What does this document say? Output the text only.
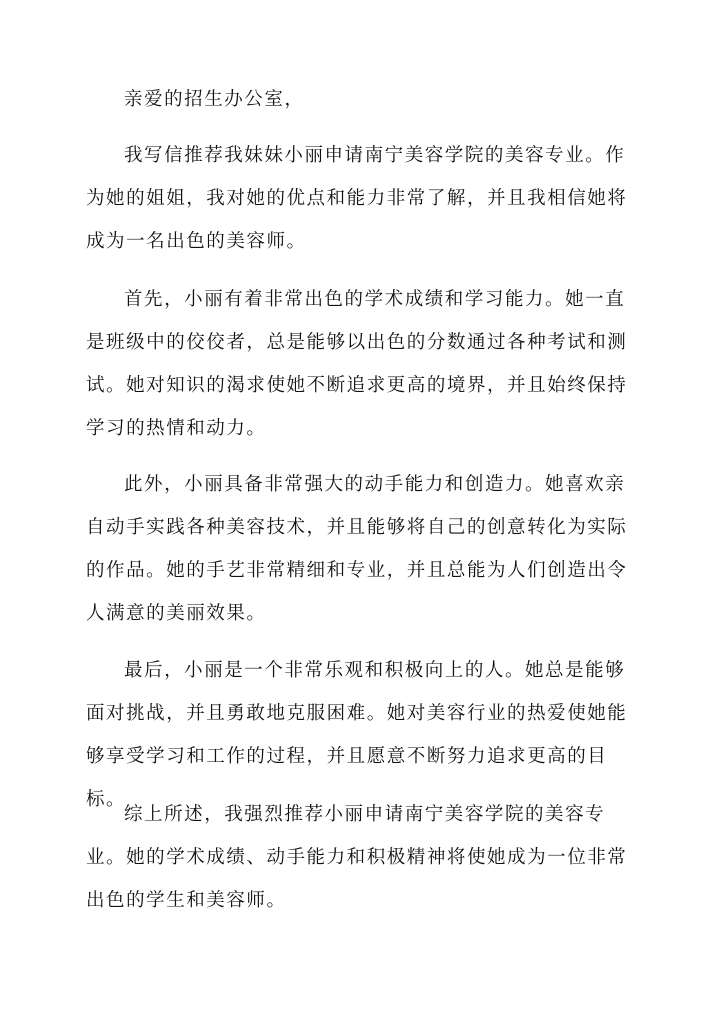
亲爱的招生办公室，

我写信推荐我妹妹小丽申请南宁美容学院的美容专业。作为她的姐姐，我对她的优点和能力非常了解，并且我相信她将成为一名出色的美容师。

首先，小丽有着非常出色的学术成绩和学习能力。她一直是班级中的佼佼者，总是能够以出色的分数通过各种考试和测试。她对知识的渴求使她不断追求更高的境界，并且始终保持学习的热情和动力。

此外，小丽具备非常强大的动手能力和创造力。她喜欢亲自动手实践各种美容技术，并且能够将自己的创意转化为实际的作品。她的手艺非常精细和专业，并且总能为人们创造出令人满意的美丽效果。

最后，小丽是一个非常乐观和积极向上的人。她总是能够面对挑战，并且勇敢地克服困难。她对美容行业的热爱使她能够享受学习和工作的过程，并且愿意不断努力追求更高的目标。

综上所述，我强烈推荐小丽申请南宁美容学院的美容专业。她的学术成绩、动手能力和积极精神将使她成为一位非常出色的学生和美容师。
